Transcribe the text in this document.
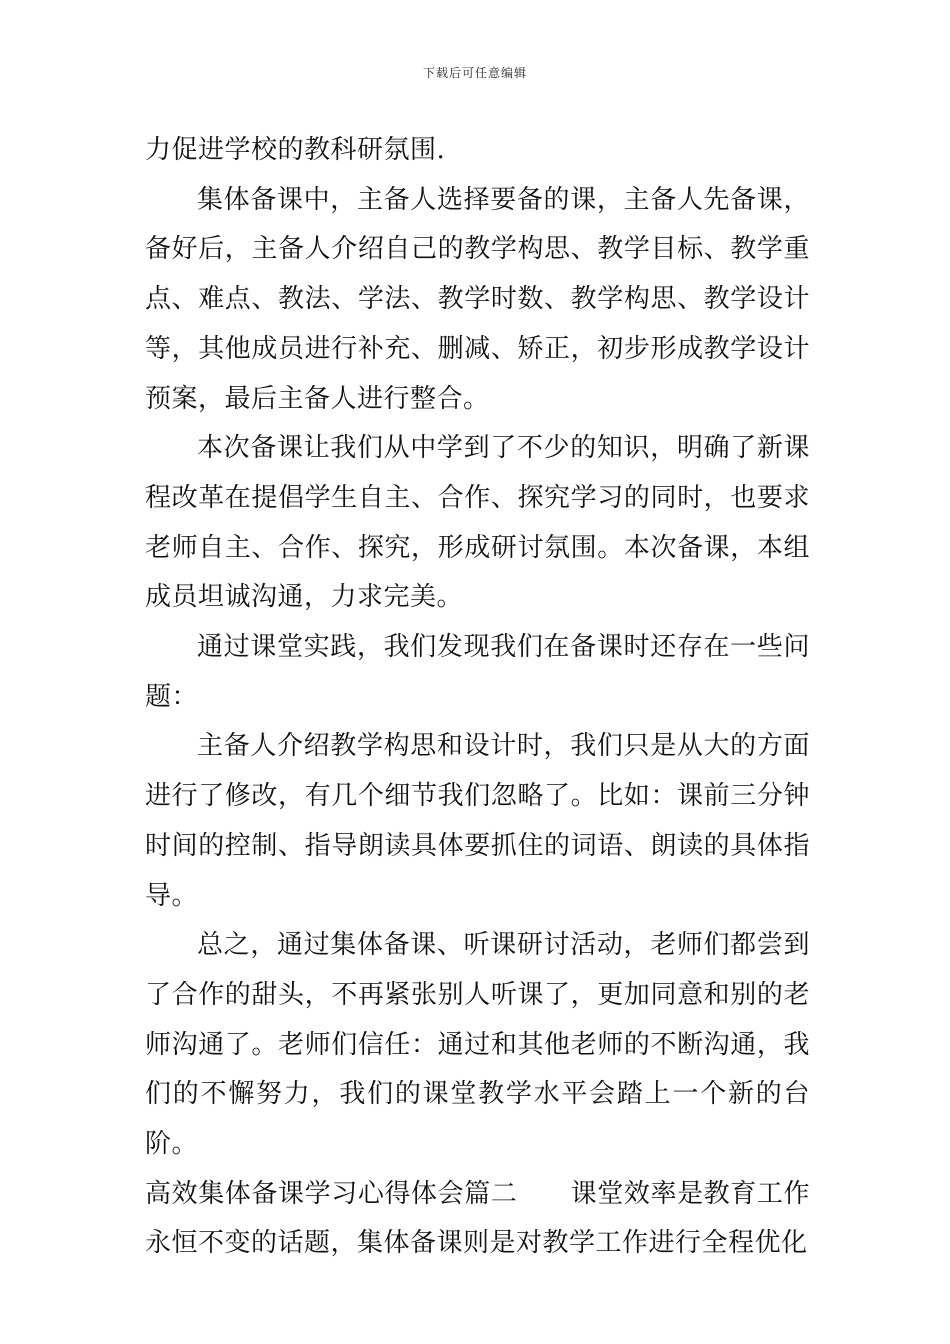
下载后可任意编辑

力促进学校的教科研氛围.

集体备课中，主备人选择要备的课，主备人先备课，备好后，主备人介绍自己的教学构思、教学目标、教学重点、难点、教法、学法、教学时数、教学构思、教学设计等，其他成员进行补充、删减、矫正，初步形成教学设计预案，最后主备人进行整合。

本次备课让我们从中学到了不少的知识，明确了新课程改革在提倡学生自主、合作、探究学习的同时，也要求老师自主、合作、探究，形成研讨氛围。本次备课，本组成员坦诚沟通，力求完美。

通过课堂实践，我们发现我们在备课时还存在一些问题：

主备人介绍教学构思和设计时，我们只是从大的方面进行了修改，有几个细节我们忽略了。比如：课前三分钟时间的控制、指导朗读具体要抓住的词语、朗读的具体指导。

总之，通过集体备课、听课研讨活动，老师们都尝到了合作的甜头，不再紧张别人听课了，更加同意和别的老师沟通了。老师们信任：通过和其他老师的不断沟通，我们的不懈努力，我们的课堂教学水平会踏上一个新的台阶。

高效集体备课学习心得体会篇二　　课堂效率是教育工作永恒不变的话题，集体备课则是对教学工作进行全程优化
